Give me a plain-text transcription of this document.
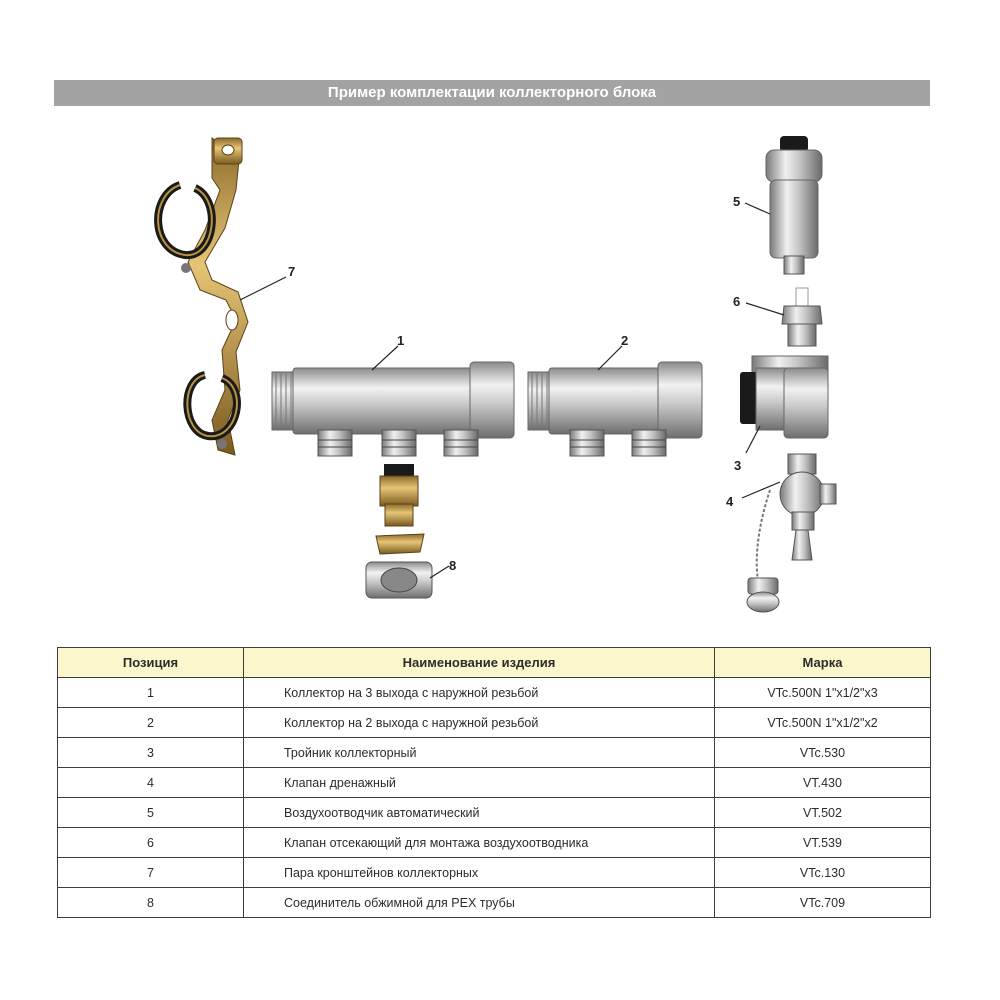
Пример комплектации коллекторного блока
1	2
3
4
5
6
7
8
Позиция	Наименование изделия	Марка
1	Коллектор на 3 выхода с наружной резьбой	VTc.500N 1"x1/2"x3
2	Коллектор на 2 выхода с наружной резьбой	VTc.500N 1"x1/2"x2
3	Тройник коллекторный	VTc.530
4	Клапан дренажный	VT.430
5	Воздухоотводчик автоматический	VT.502
6	Клапан отсекающий для монтажа воздухоотводника	VT.539
7	Пара кронштейнов коллекторных	VTc.130
8	Соединитель обжимной для PEX трубы	VTc.709
